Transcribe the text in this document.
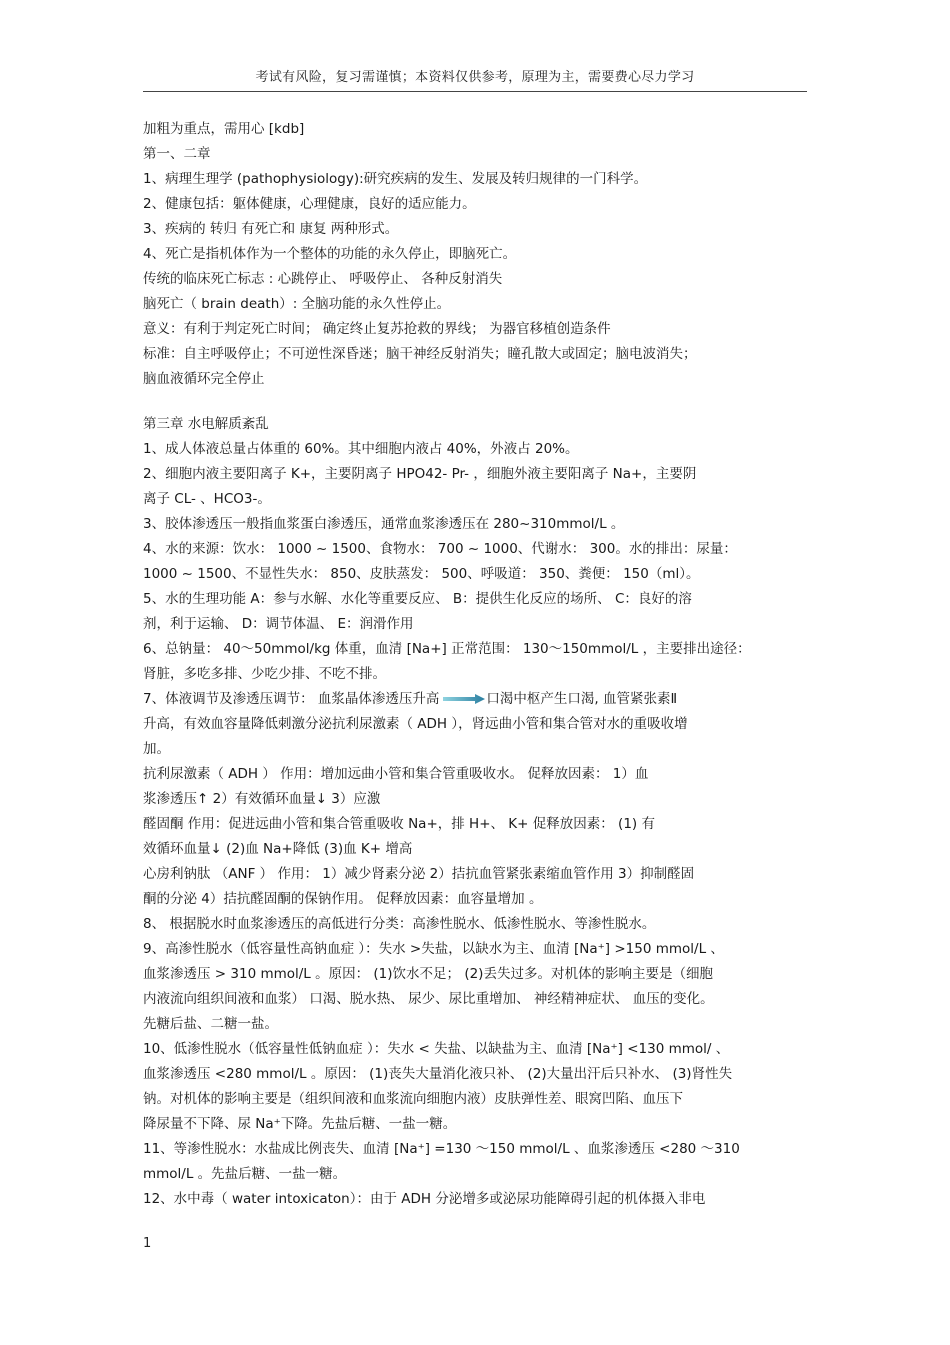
考试有风险，复习需谨慎；本资料仅供参考，原理为主，需要费心尽力学习
加粗为重点，需用心 [kdb]
第一、二章
1、病理生理学 (pathophysiology):研究疾病的发生、发展及转归规律的一门科学。
2、健康包括：躯体健康，心理健康，良好的适应能力。
3、疾病的 转归 有死亡和 康复 两种形式。
4、死亡是指机体作为一个整体的功能的永久停止，即脑死亡。
传统的临床死亡标志 : 心跳停止、 呼吸停止、 各种反射消失
脑死亡（ brain death）: 全脑功能的永久性停止。
意义：有利于判定死亡时间； 确定终止复苏抢救的界线； 为器官移植创造条件
标准：自主呼吸停止；不可逆性深昏迷；脑干神经反射消失；瞳孔散大或固定；脑电波消失；
脑血液循环完全停止
第三章 水电解质紊乱
1、成人体液总量占体重的 60%。其中细胞内液占 40%，外液占 20%。
2、细胞内液主要阳离子 K+，主要阴离子 HPO42- Pr- ，细胞外液主要阳离子 Na+，主要阴
离子 CL- 、HCO3-。
3、胶体渗透压一般指血浆蛋白渗透压，通常血浆渗透压在 280~310mmol/L 。
4、水的来源：饮水： 1000 ~ 1500、食物水： 700 ~ 1000、代谢水： 300。水的排出：尿量：
1000 ~ 1500、不显性失水： 850、皮肤蒸发： 500、呼吸道： 350、粪便： 150（ml）。
5、水的生理功能 A：参与水解、水化等重要反应、 B：提供生化反应的场所、 C：良好的溶
剂，利于运输、 D：调节体温、 E：润滑作用
6、总钠量： 40～50mmol/kg 体重，血清 [Na+] 正常范围： 130～150mmol/L ，主要排出途径：
肾脏，多吃多排、少吃少排、不吃不排。
7、体液调节及渗透压调节： 血浆晶体渗透压升高	口渴中枢产生口渴, 血管紧张素Ⅱ
升高，有效血容量降低刺激分泌抗利尿激素（ ADH ），肾远曲小管和集合管对水的重吸收增
加。
抗利尿激素（ ADH ） 作用：增加远曲小管和集合管重吸收水。 促释放因素： 1）血
浆渗透压↑ 2）有效循环血量↓ 3）应激
醛固酮 作用：促进远曲小管和集合管重吸收 Na+，排 H+、 K+ 促释放因素： (1) 有
效循环血量↓ (2)血 Na+降低 (3)血 K+ 增高
心房利钠肽 （ANF ） 作用： 1）减少肾素分泌 2）拮抗血管紧张素缩血管作用 3）抑制醛固
酮的分泌 4）拮抗醛固酮的保钠作用。 促释放因素：血容量增加 。
8、 根据脱水时血浆渗透压的高低进行分类：高渗性脱水、低渗性脱水、等渗性脱水。
9、高渗性脱水（低容量性高钠血症 ）：失水 >失盐，以缺水为主、血清 [Na⁺] >150 mmol/L 、
血浆渗透压 > 310 mmol/L 。原因： (1)饮水不足； (2)丢失过多。对机体的影响主要是（细胞
内液流向组织间液和血浆） 口渴、脱水热、 尿少、尿比重增加、 神经精神症状、 血压的变化。
先糖后盐、二糖一盐。
10、低渗性脱水（低容量性低钠血症 ）：失水 < 失盐、以缺盐为主、血清 [Na⁺] <130 mmol/ 、
血浆渗透压 <280 mmol/L 。原因： (1)丧失大量消化液只补、 (2)大量出汗后只补水、 (3)肾性失
钠。对机体的影响主要是（组织间液和血浆流向细胞内液）皮肤弹性差、眼窝凹陷、血压下
降尿量不下降、尿 Na⁺下降。先盐后糖、一盐一糖。
11、等渗性脱水：水盐成比例丧失、血清 [Na⁺] =130 ～150 mmol/L 、血浆渗透压 <280 ～310
mmol/L 。先盐后糖、一盐一糖。
12、水中毒（ water intoxicaton）：由于 ADH 分泌增多或泌尿功能障碍引起的机体摄入非电
1
